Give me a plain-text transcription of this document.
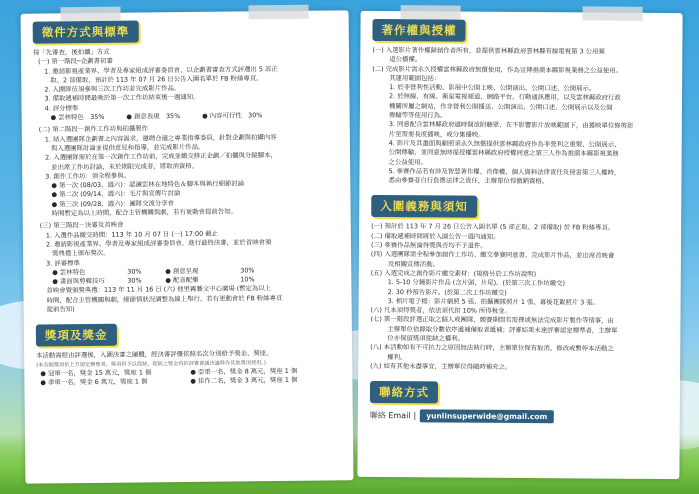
徵件方式與標準
採「先審查，後拍攝」方式
(一) 第一階段─企劃書初審
1. 邀請影視產業界、學者及專家組成評審委員會，以企劃書審查方式評選出 5 部正
取、2 部備取，預計於 113 年 07 月 26 日公告入圍名單於 FB 粉絲專頁。
2. 入圍隊伍須參與三次工作坊並完成影片作品。
3. 備取遞補時間最晚於第一次工作坊結束後一週通知。
4. 評分標準
● 雲林特色　35%	● 創意表現　35%	● 內容可行性　30%
(二) 第二階段－創作工作坊與拍攝製作
1. 結入選團隊企劃書之內容需求，邀聘合適之專業指導委員，針對企劃與拍攝內容
與入選團隊討論並提供意見和指導，並完成影片作品。
2. 入選團隊需於在第一次創作工作坊前，完成並繳交修正企劃／拍攝與分鏡腳本，
並出席工作坊討論，未於期限完成者，將取消資格。
3. 創作工作坊：須全程參與。
● 第一次 (08/03，週六)：認識雲林在地特色＆腳本與執行細節討論
● 第二次 (09/14，週六)：毛片與宣傳片討論
● 第三次 (09/28，週六)：團隊交流分享會
時間暫定為以上時間，配合主管機關與劇，若有更動會提前告知。
(三) 第三階段－決審及首映會
1. 入選作品繳交時間：113 年 10 月 07 日 (一) 17:00 截止
2. 邀請影視產業界、學者及專家組成評審委員會，進行最終決審，並於首映會頒
獎典禮上頒布獎次。
3. 評審標準
● 雲林特色	30%	● 創意呈現	30%
● 畫面與剪輯技巧	30%	● 配音配樂	10%
首映會暨頒獎典禮：113 年 11 月 16 日 (六) 他里霧藝文中心廣場 (暫定為以上
時間，配合主管機關與劇，細節情狀況調整為線上舉行，若有更動會於 FB 粉絲專頁
提前告知)
獎項及獎金
本活動需經由評選後，入圍決審之團體，經決審評優依照名次分別給予獎金、獎座。
(本各類獎項依上方規定辦理者，獎項得予以從缺，從缺之獎金得依評審會議決議移作其他獎項使用。)
● 冠軍一名，獎金 15 萬元，獎座 1 個	● 亞軍一名，獎金 8 萬元，獎座 1 個
● 季軍一名，獎金 6 萬元，獎座 1 個	● 佳作二名，獎金 3 萬元，獎座 1 個
著作權與授權
(一) 入選影片著作權歸創作者所有，並提供雲林縣政府雲林縣有線電視第 3 公用頻
道公播權。
(二) 完成影片需永久授權雲林縣政府無償使用，作為宣傳推廣本縣影視業務之公益使用。
其運用範圍包括：
1. 於非營利性活動、影展中公開上映、公開演出、公開口述、公開展示。
2. 於無線、有線、衛星電視頻道、網路平台、行動通訊應用，以及雲林縣政府行政
機關所屬之網站，作非營利公開播送、公開演出、公開口述，公開展示以及公開
傳輸等等使用行為。
3. 同意配合雲林縣政府適時開放附聽眾、在不影響影片放映範圍下，由獲映單位修剪影
片至需要長度播映，或分集播映。
4. 影片及其畫面與劇照須永久無償提供雲林縣政府作為非營利之重製、公開展示、
公開傳輸，並同意無時提授權雲林縣政府授權同意之第三人作為推廣本縣影視業務
之公益使用。
5. 參賽作品若有涉及智慧著作權、肖像權、個人資料法律責任及侵害第三人權時，
悉由參賽者自行負擔法律之責任，主辦單位得撤銷資格。
入圍義務與須知
(一) 預計於 113 年 7 月 26 日公告入圍名單 (5 部正取、2 部備取) 於 FB 粉絲專頁。
(二) 備取遞補時間將於入圍公告一週內通知。
(三) 參賽作品無論得獎與否均不予退件。
(四) 入選團隊需全程參加創作工作坊、繳交參賽同意書、完成影片作品，並出席首映會
及相關宣傳活動。
(五) 入選完成之創作影片繳交素材：(規格另於工作坊說明)
1. 5-10 分鐘影片作品 (含片頭、片尾)。(於第三次工作坊繳交)
2. 30 秒預告影片。(於第二次工作坊繳交)
3. 相片電子檔：影片劇照 5 張、拍攝團隊照片 1 張、幕後花絮照片 3 張。
(六) 凡本須得獎者，依法須代扣 10% 所得稅金。
(七) 第一階段評選正取之個人或團隊，競賽期間若需擇或無法完成影片製作等情事，由
主辦單位依錄取分數依序遞補備取者遞補；評審結果未達評審認定標準者，主辦單
位亦保留獎項從缺之權利。
(八) 本活動如有不可抗力之原因無法執行時，主辦單位保有取消、修改或暫停本活動之
權利。
(九) 如有其他未盡事宜，主辦單位得隨時補充之。
聯絡方式
聯絡 Email |	yunlinsuperwide@gmail.com
